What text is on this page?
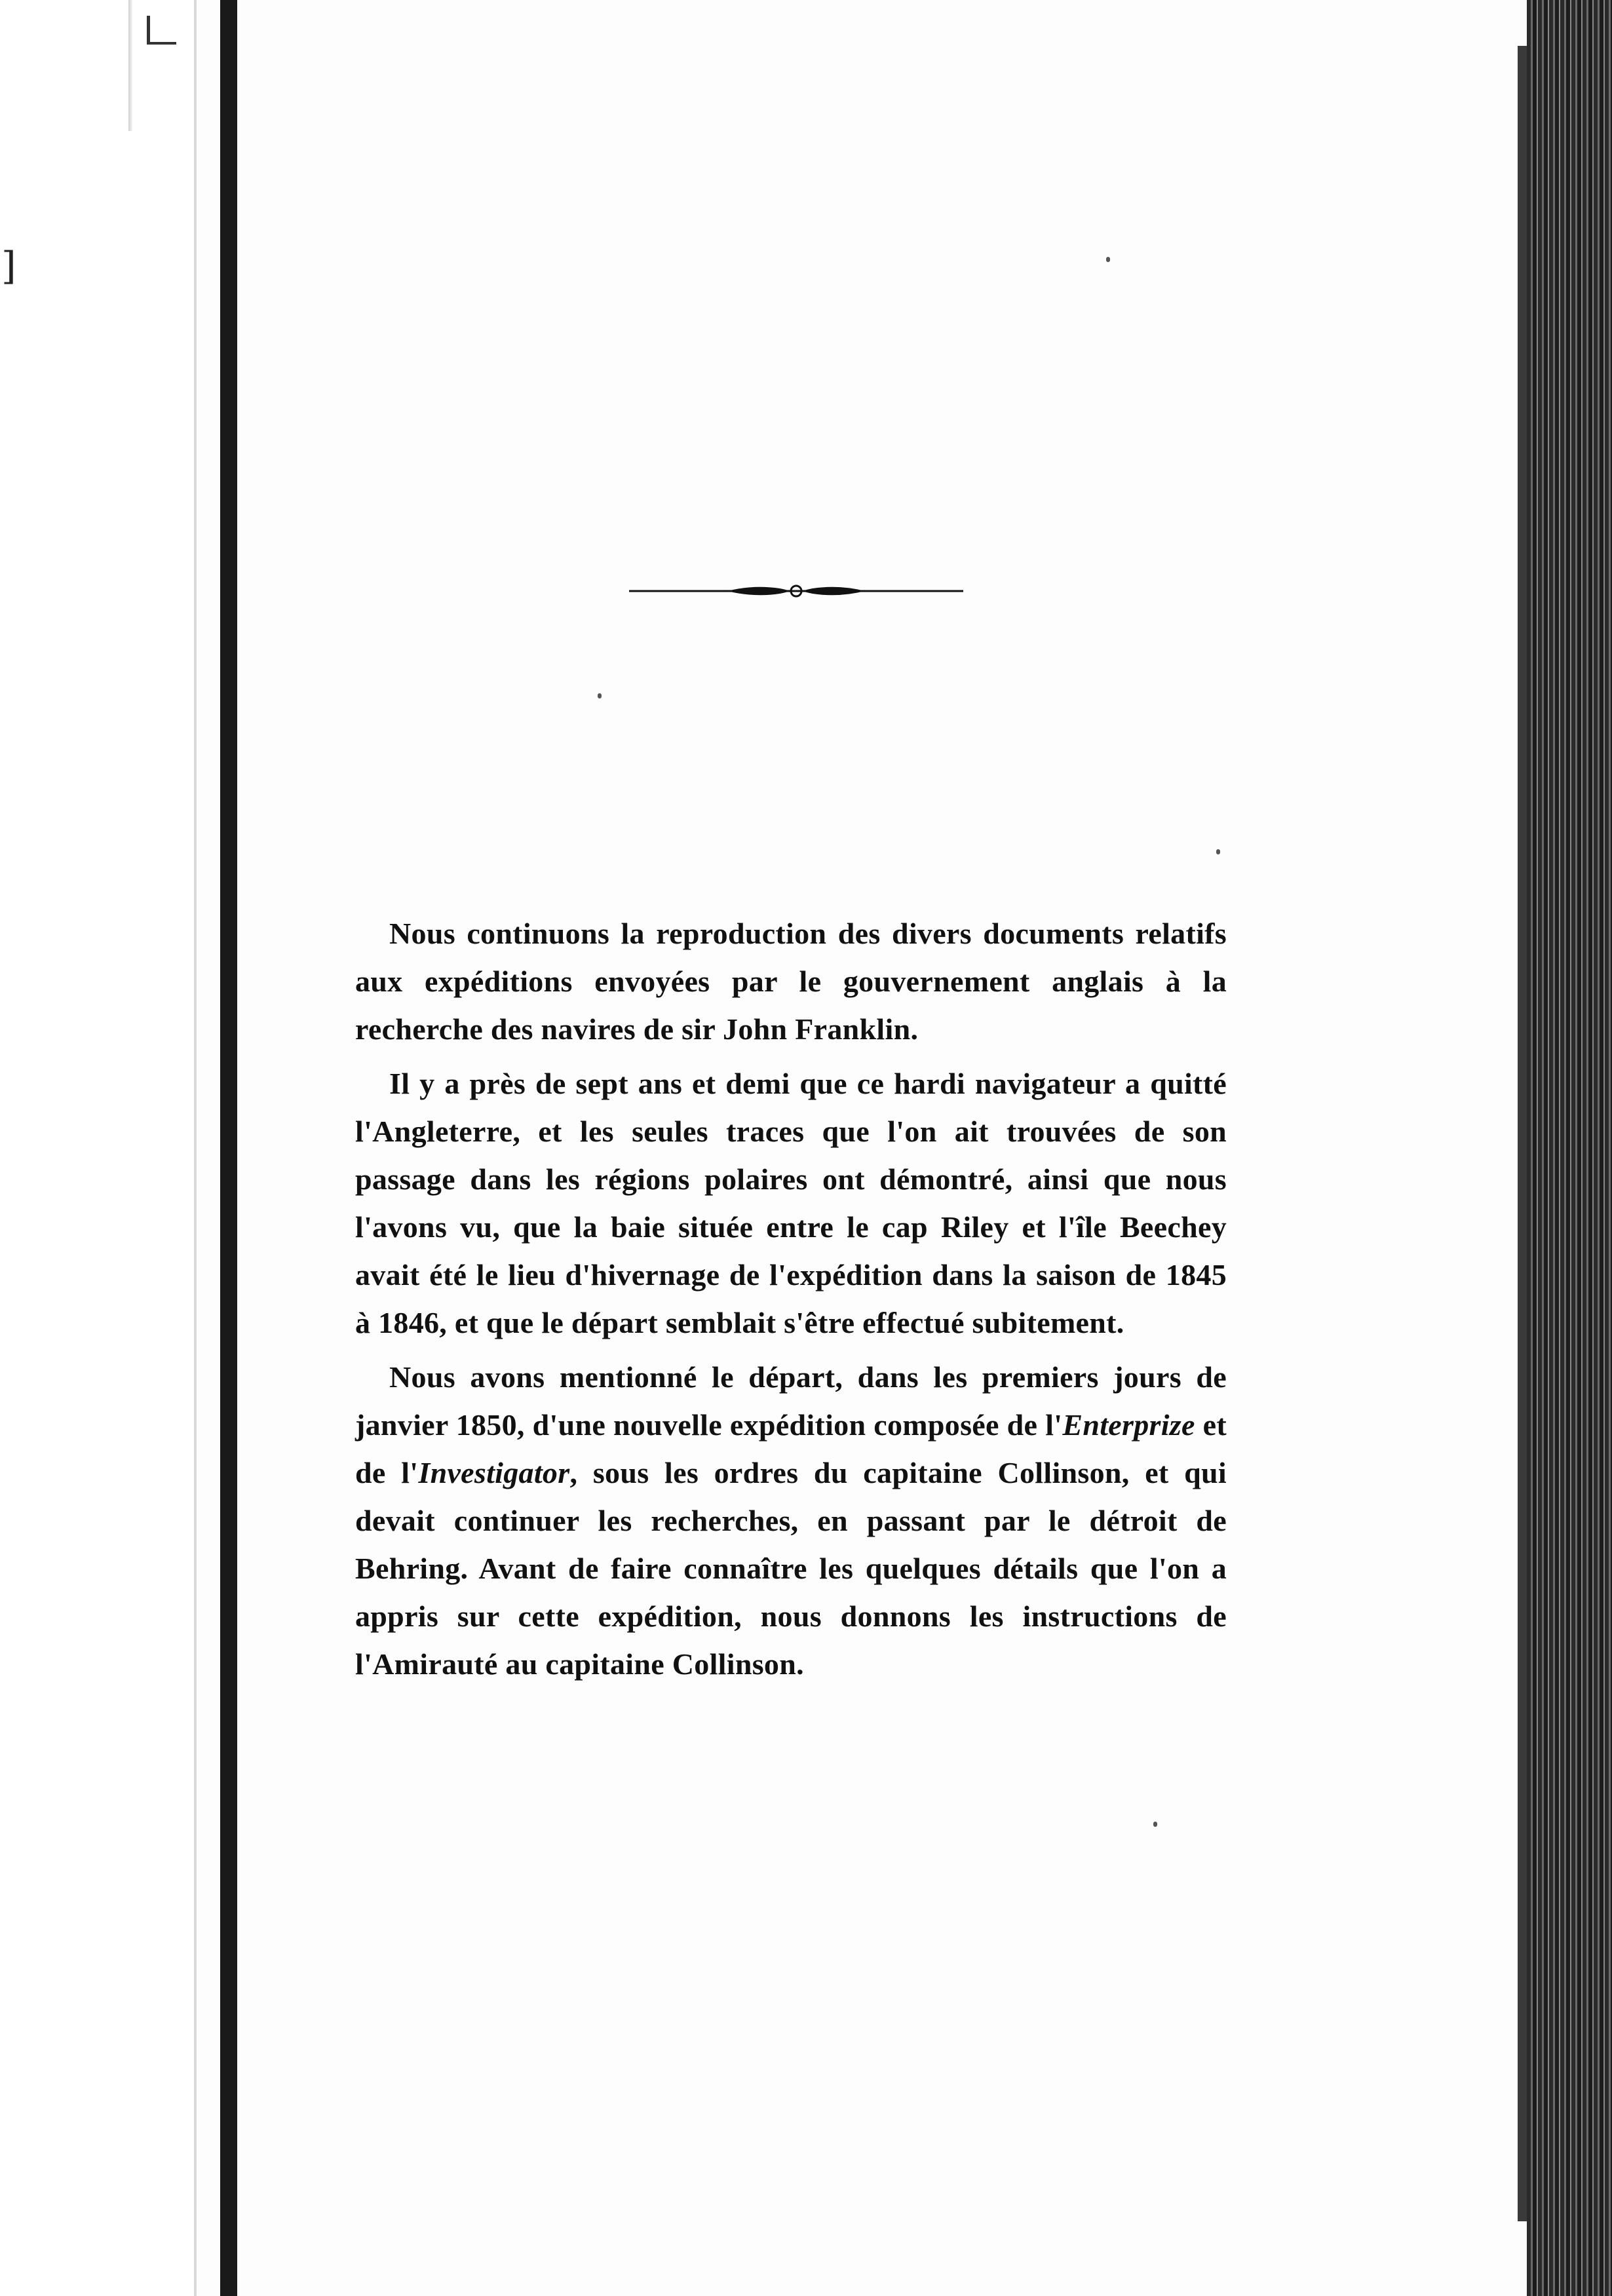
]

Nous continuons la reproduction des divers documents relatifs aux expéditions envoyées par le gouvernement anglais à la recherche des navires de sir John Franklin.

Il y a près de sept ans et demi que ce hardi navigateur a quitté l'Angleterre, et les seules traces que l'on ait trouvées de son passage dans les régions polaires ont démontré, ainsi que nous l'avons vu, que la baie située entre le cap Riley et l'île Beechey avait été le lieu d'hivernage de l'expédition dans la saison de 1845 à 1846, et que le départ semblait s'être effectué subitement.

Nous avons mentionné le départ, dans les premiers jours de janvier 1850, d'une nouvelle expédition composée de l'Enterprize et de l'Investigator, sous les ordres du capitaine Collinson, et qui devait continuer les recherches, en passant par le détroit de Behring. Avant de faire connaître les quelques détails que l'on a appris sur cette expédition, nous donnons les instructions de l'Amirauté au capitaine Collinson.
